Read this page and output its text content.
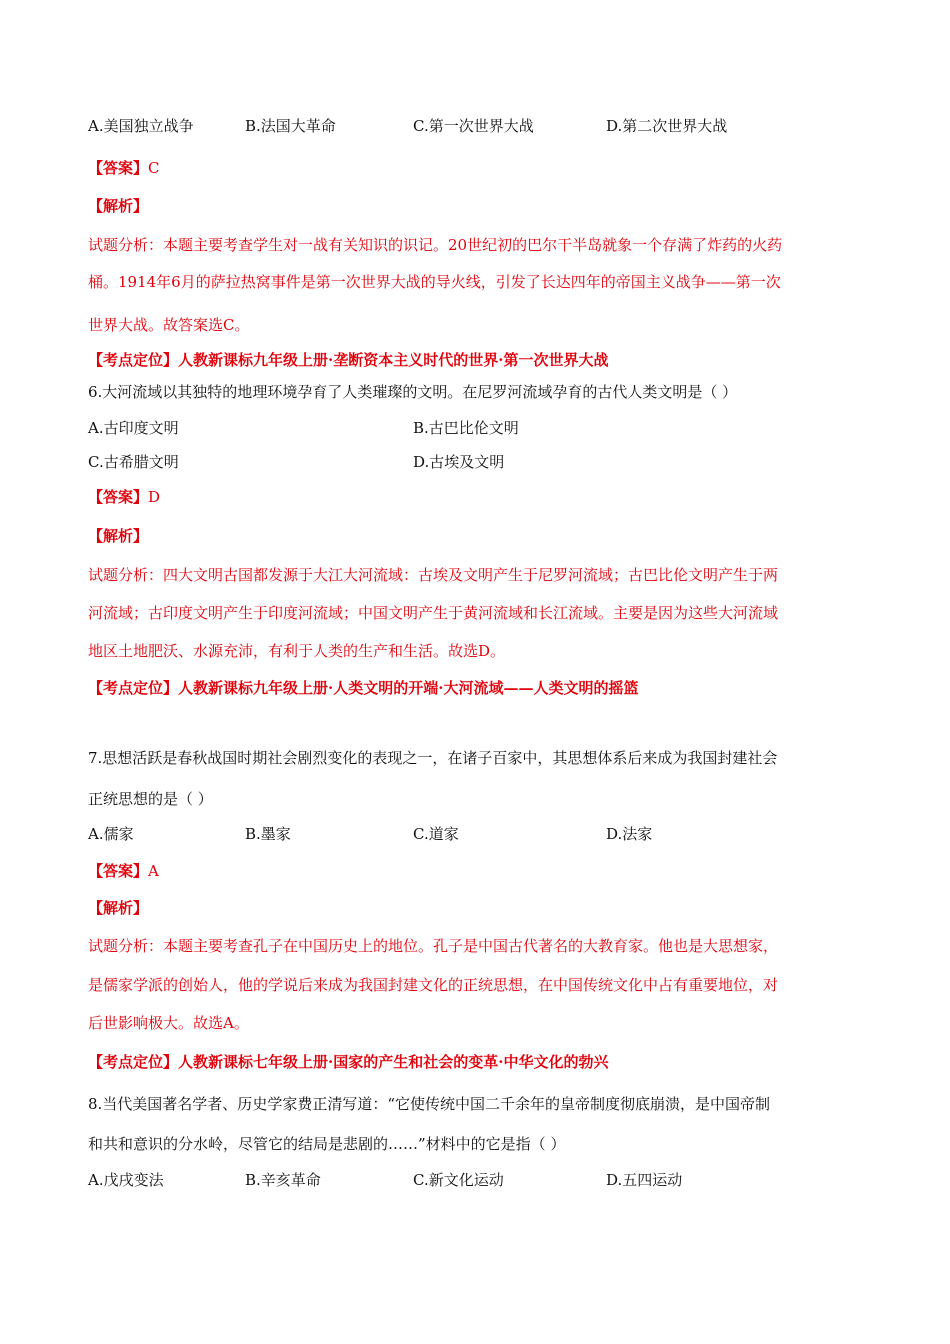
A.美国独立战争	B.法国大革命	C.第一次世界大战	D.第二次世界大战
【答案】C
【解析】
试题分析：本题主要考查学生对一战有关知识的识记。20世纪初的巴尔干半岛就象一个存满了炸药的火药
桶。1914年6月的萨拉热窝事件是第一次世界大战的导火线，引发了长达四年的帝国主义战争——第一次
世界大战。故答案选C。
【考点定位】人教新课标九年级上册·垄断资本主义时代的世界·第一次世界大战
6.大河流域以其独特的地理环境孕育了人类璀璨的文明。在尼罗河流域孕育的古代人类文明是（ ）
A.古印度文明	B.古巴比伦文明
C.古希腊文明	D.古埃及文明
【答案】D
【解析】
试题分析：四大文明古国都发源于大江大河流域：古埃及文明产生于尼罗河流域；古巴比伦文明产生于两
河流域；古印度文明产生于印度河流域；中国文明产生于黄河流域和长江流域。主要是因为这些大河流域
地区土地肥沃、水源充沛，有利于人类的生产和生活。故选D。
【考点定位】人教新课标九年级上册·人类文明的开端·大河流域——人类文明的摇篮
7.思想活跃是春秋战国时期社会剧烈变化的表现之一，在诸子百家中，其思想体系后来成为我国封建社会
正统思想的是（ ）
A.儒家	B.墨家	C.道家	D.法家
【答案】A
【解析】
试题分析：本题主要考查孔子在中国历史上的地位。孔子是中国古代著名的大教育家。他也是大思想家，
是儒家学派的创始人，他的学说后来成为我国封建文化的正统思想，在中国传统文化中占有重要地位，对
后世影响极大。故选A。
【考点定位】人教新课标七年级上册·国家的产生和社会的变革·中华文化的勃兴
8.当代美国著名学者、历史学家费正清写道：“它使传统中国二千余年的皇帝制度彻底崩溃，是中国帝制
和共和意识的分水岭，尽管它的结局是悲剧的……”材料中的它是指（ ）
A.戊戌变法	B.辛亥革命	C.新文化运动	D.五四运动
